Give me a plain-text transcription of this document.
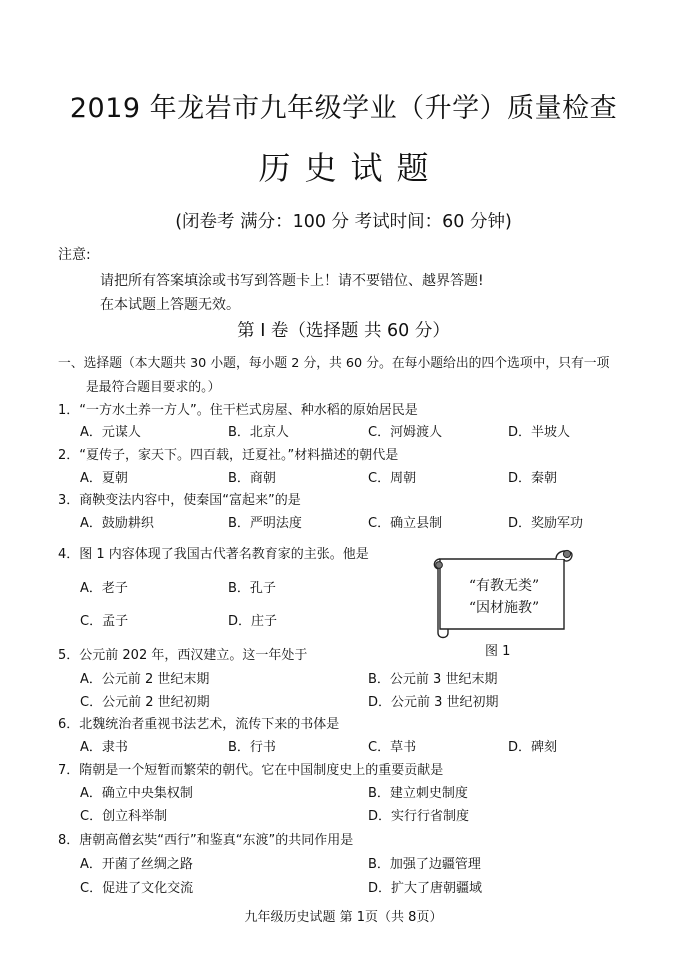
2019 年龙岩市九年级学业（升学）质量检查
历史试题
(闭卷考 满分：100 分 考试时间：60 分钟)
注意:
请把所有答案填涂或书写到答题卡上！请不要错位、越界答题!
在本试题上答题无效。
第 I 卷（选择题 共 60 分）
一、选择题（本大题共 30 小题，每小题 2 分，共 60 分。在每小题给出的四个选项中，只有一项
是最符合题目要求的。）
1．“一方水土养一方人”。住干栏式房屋、种水稻的原始居民是
A．元谋人	B．北京人	C．河姆渡人	D．半坡人
2．“夏传子，家天下。四百载，迁夏社。”材料描述的朝代是
A．夏朝	B．商朝	C．周朝	D．秦朝
3．商鞅变法内容中，使秦国“富起来”的是
A．鼓励耕织	B．严明法度	C．确立县制	D．奖励军功
4．图 1 内容体现了我国古代著名教育家的主张。他是
A．老子	B．孔子
C．孟子	D．庄子
“有教无类”
“因材施教”
图 1
5．公元前 202 年，西汉建立。这一年处于
A．公元前 2 世纪末期	B．公元前 3 世纪末期
C．公元前 2 世纪初期	D．公元前 3 世纪初期
6．北魏统治者重视书法艺术，流传下来的书体是
A．隶书	B．行书	C．草书	D．碑刻
7．隋朝是一个短暂而繁荣的朝代。它在中国制度史上的重要贡献是
A．确立中央集权制	B．建立刺史制度
C．创立科举制	D．实行行省制度
8．唐朝高僧玄奘“西行”和鉴真“东渡”的共同作用是
A．开菌了丝绸之路	B．加强了边疆管理
C．促进了文化交流	D．扩大了唐朝疆域
九年级历史试题 第 1页（共 8页）
